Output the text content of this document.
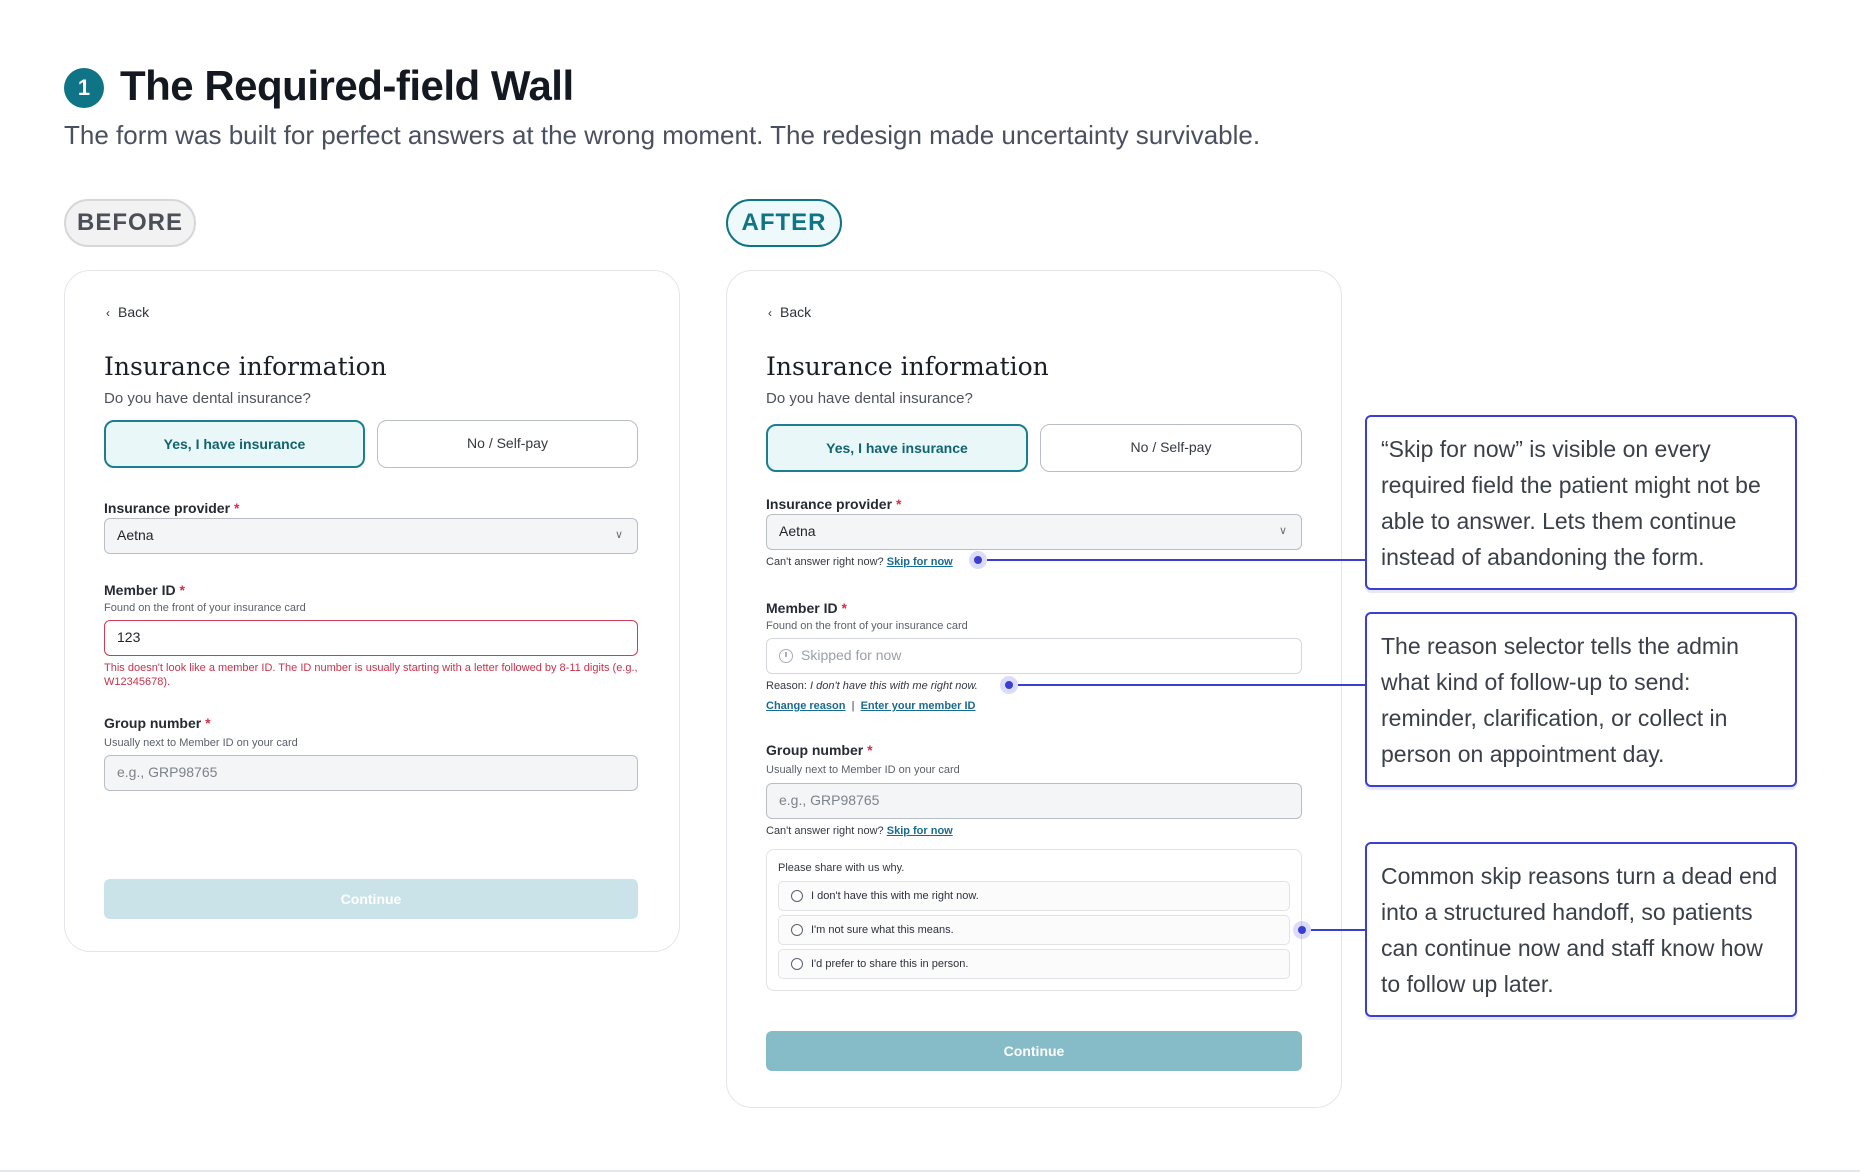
1 The Required-field Wall
The form was built for perfect answers at the wrong moment. The redesign made uncertainty survivable.
BEFORE	AFTER
‹ Back
Insurance information
Do you have dental insurance?
Yes, I have insurance	No / Self-pay
Insurance provider *
Aetna	∨
Member ID *
Found on the front of your insurance card
123
This doesn't look like a member ID. The ID number is usually starting with a letter followed by 8-11 digits (e.g., W12345678).
Group number *
Usually next to Member ID on your card
e.g., GRP98765
Continue
‹ Back
Insurance information
Do you have dental insurance?
Yes, I have insurance	No / Self-pay
Insurance provider *
Aetna	∨
Can't answer right now? Skip for now
Member ID *
Found on the front of your insurance card
Skipped for now
Reason: I don't have this with me right now.
Change reason | Enter your member ID
Group number *
Usually next to Member ID on your card
e.g., GRP98765
Can't answer right now? Skip for now
Please share with us why.
I don't have this with me right now.
I'm not sure what this means.
I'd prefer to share this in person.
Continue
“Skip for now” is visible on every required field the patient might not be able to answer. Lets them continue instead of abandoning the form.
The reason selector tells the admin what kind of follow-up to send: reminder, clarification, or collect in person on appointment day.
Common skip reasons turn a dead end into a structured handoff, so patients can continue now and staff know how to follow up later.
